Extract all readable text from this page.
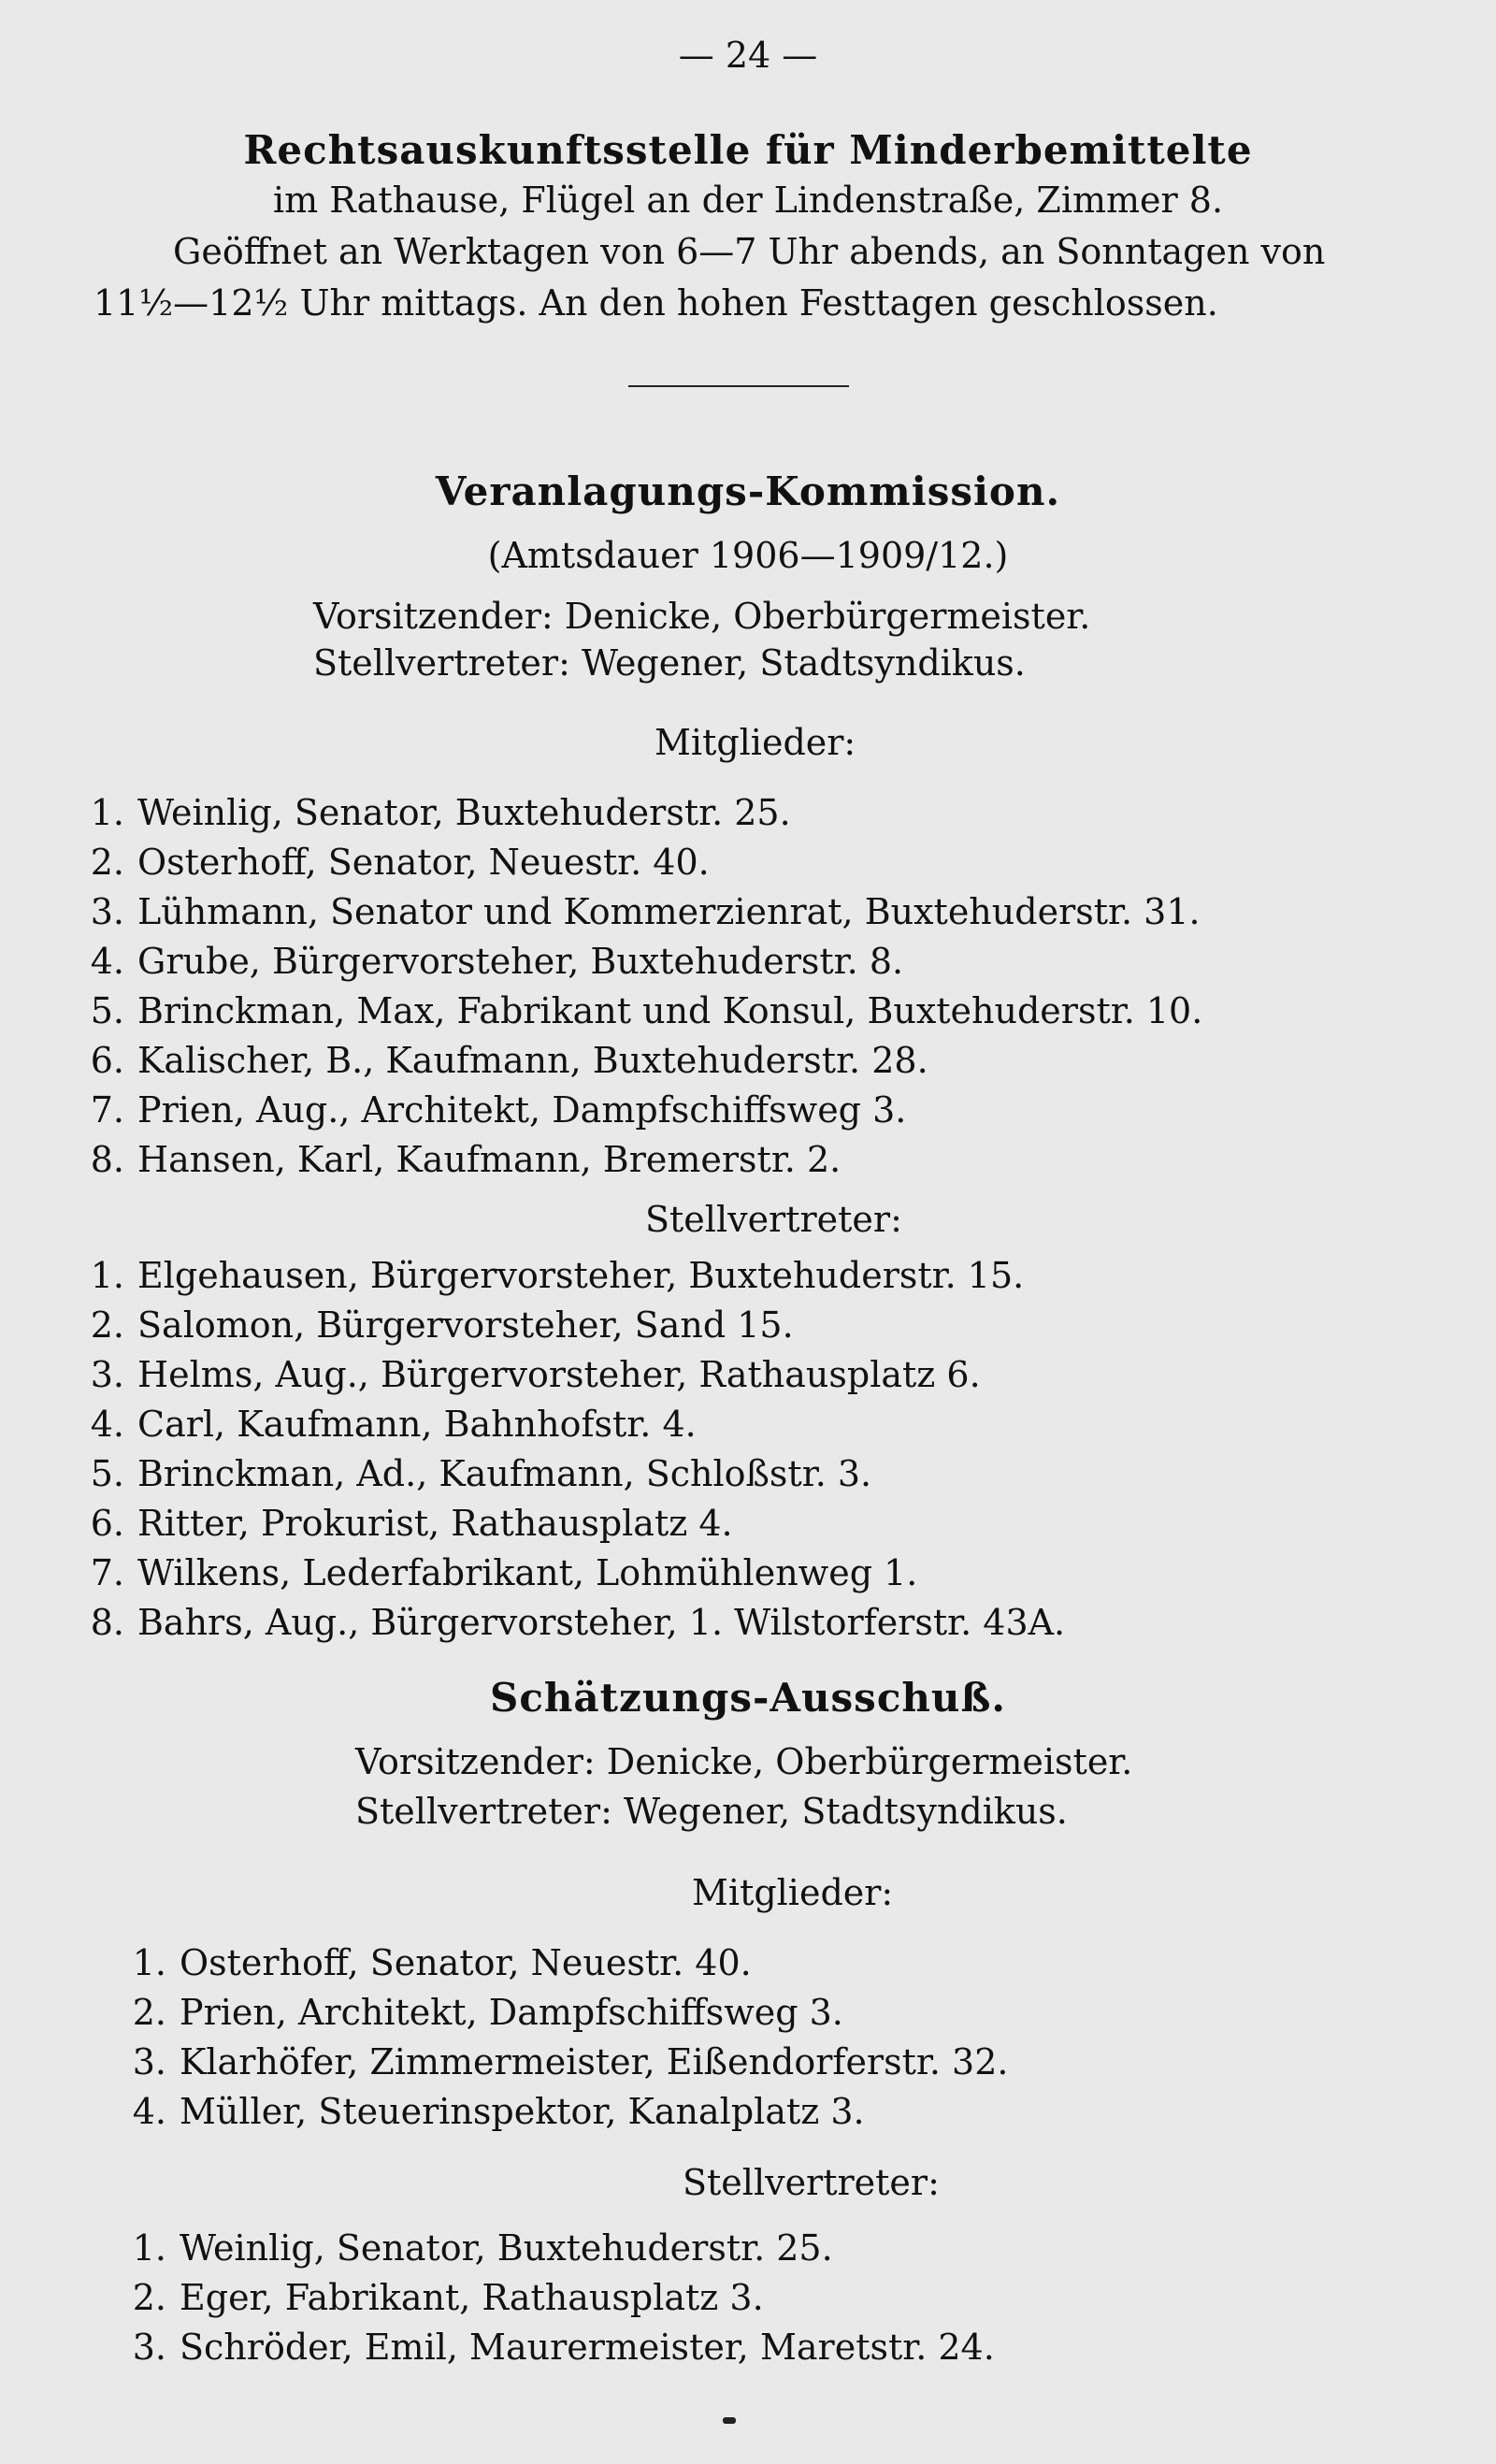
— 24 —
Rechtsauskunftsstelle für Minderbemittelte
im Rathause, Flügel an der Lindenstraße, Zimmer 8.
Geöffnet an Werktagen von 6—7 Uhr abends, an Sonntagen von
11½—12½ Uhr mittags. An den hohen Festtagen geschlossen.
Veranlagungs-Kommission.
(Amtsdauer 1906—1909/12.)
Vorsitzender: Denicke, Oberbürgermeister.
Stellvertreter: Wegener, Stadtsyndikus.
Mitglieder:
1. Weinlig, Senator, Buxtehuderstr. 25.
2. Osterhoff, Senator, Neuestr. 40.
3. Lühmann, Senator und Kommerzienrat, Buxtehuderstr. 31.
4. Grube, Bürgervorsteher, Buxtehuderstr. 8.
5. Brinckman, Max, Fabrikant und Konsul, Buxtehuderstr. 10.
6. Kalischer, B., Kaufmann, Buxtehuderstr. 28.
7. Prien, Aug., Architekt, Dampfschiffsweg 3.
8. Hansen, Karl, Kaufmann, Bremerstr. 2.
Stellvertreter:
1. Elgehausen, Bürgervorsteher, Buxtehuderstr. 15.
2. Salomon, Bürgervorsteher, Sand 15.
3. Helms, Aug., Bürgervorsteher, Rathausplatz 6.
4. Carl, Kaufmann, Bahnhofstr. 4.
5. Brinckman, Ad., Kaufmann, Schloßstr. 3.
6. Ritter, Prokurist, Rathausplatz 4.
7. Wilkens, Lederfabrikant, Lohmühlenweg 1.
8. Bahrs, Aug., Bürgervorsteher, 1. Wilstorferstr. 43A.
Schätzungs-Ausschuß.
Vorsitzender: Denicke, Oberbürgermeister.
Stellvertreter: Wegener, Stadtsyndikus.
Mitglieder:
1. Osterhoff, Senator, Neuestr. 40.
2. Prien, Architekt, Dampfschiffsweg 3.
3. Klarhöfer, Zimmermeister, Eißendorferstr. 32.
4. Müller, Steuerinspektor, Kanalplatz 3.
Stellvertreter:
1. Weinlig, Senator, Buxtehuderstr. 25.
2. Eger, Fabrikant, Rathausplatz 3.
3. Schröder, Emil, Maurermeister, Maretstr. 24.
